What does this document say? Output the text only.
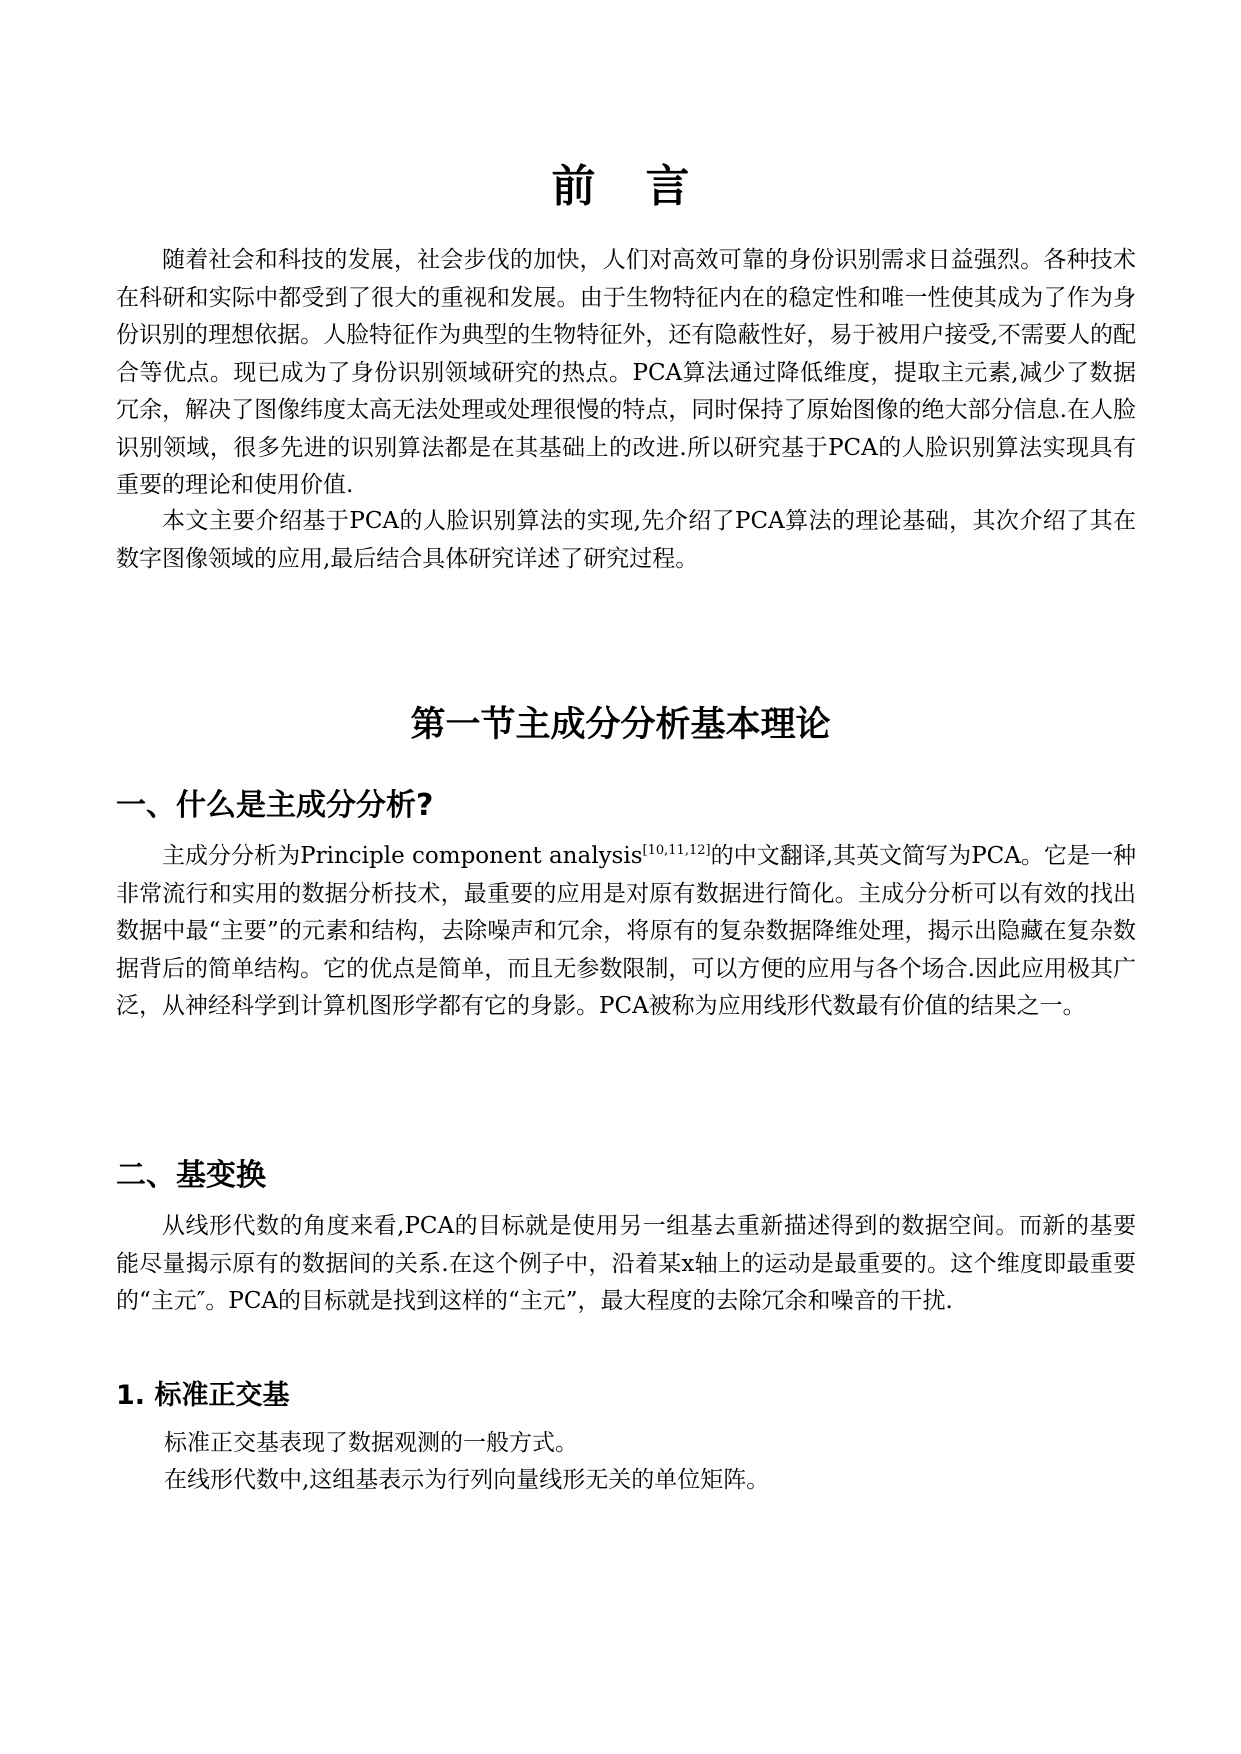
前言

随着社会和科技的发展，社会步伐的加快，人们对高效可靠的身份识别需求日益强烈。各种技术在科研和实际中都受到了很大的重视和发展。由于生物特征内在的稳定性和唯一性使其成为了作为身份识别的理想依据。人脸特征作为典型的生物特征外，还有隐蔽性好，易于被用户接受,不需要人的配合等优点。现已成为了身份识别领域研究的热点。PCA算法通过降低维度，提取主元素,减少了数据冗余，解决了图像纬度太高无法处理或处理很慢的特点，同时保持了原始图像的绝大部分信息.在人脸识别领域，很多先进的识别算法都是在其基础上的改进.所以研究基于PCA的人脸识别算法实现具有重要的理论和使用价值.

本文主要介绍基于PCA的人脸识别算法的实现,先介绍了PCA算法的理论基础，其次介绍了其在数字图像领域的应用,最后结合具体研究详述了研究过程。

第一节主成分分析基本理论
一、什么是主成分分析?

主成分分析为Principle component analysis[10,11,12]的中文翻译,其英文简写为PCA。它是一种非常流行和实用的数据分析技术，最重要的应用是对原有数据进行简化。主成分分析可以有效的找出数据中最“主要”的元素和结构，去除噪声和冗余，将原有的复杂数据降维处理，揭示出隐藏在复杂数据背后的简单结构。它的优点是简单，而且无参数限制，可以方便的应用与各个场合.因此应用极其广泛，从神经科学到计算机图形学都有它的身影。PCA被称为应用线形代数最有价值的结果之一。

二、基变换

从线形代数的角度来看,PCA的目标就是使用另一组基去重新描述得到的数据空间。而新的基要能尽量揭示原有的数据间的关系.在这个例子中，沿着某x轴上的运动是最重要的。这个维度即最重要的“主元″。PCA的目标就是找到这样的“主元”，最大程度的去除冗余和噪音的干扰.

1. 标准正交基
标准正交基表现了数据观测的一般方式。
在线形代数中,这组基表示为行列向量线形无关的单位矩阵。
